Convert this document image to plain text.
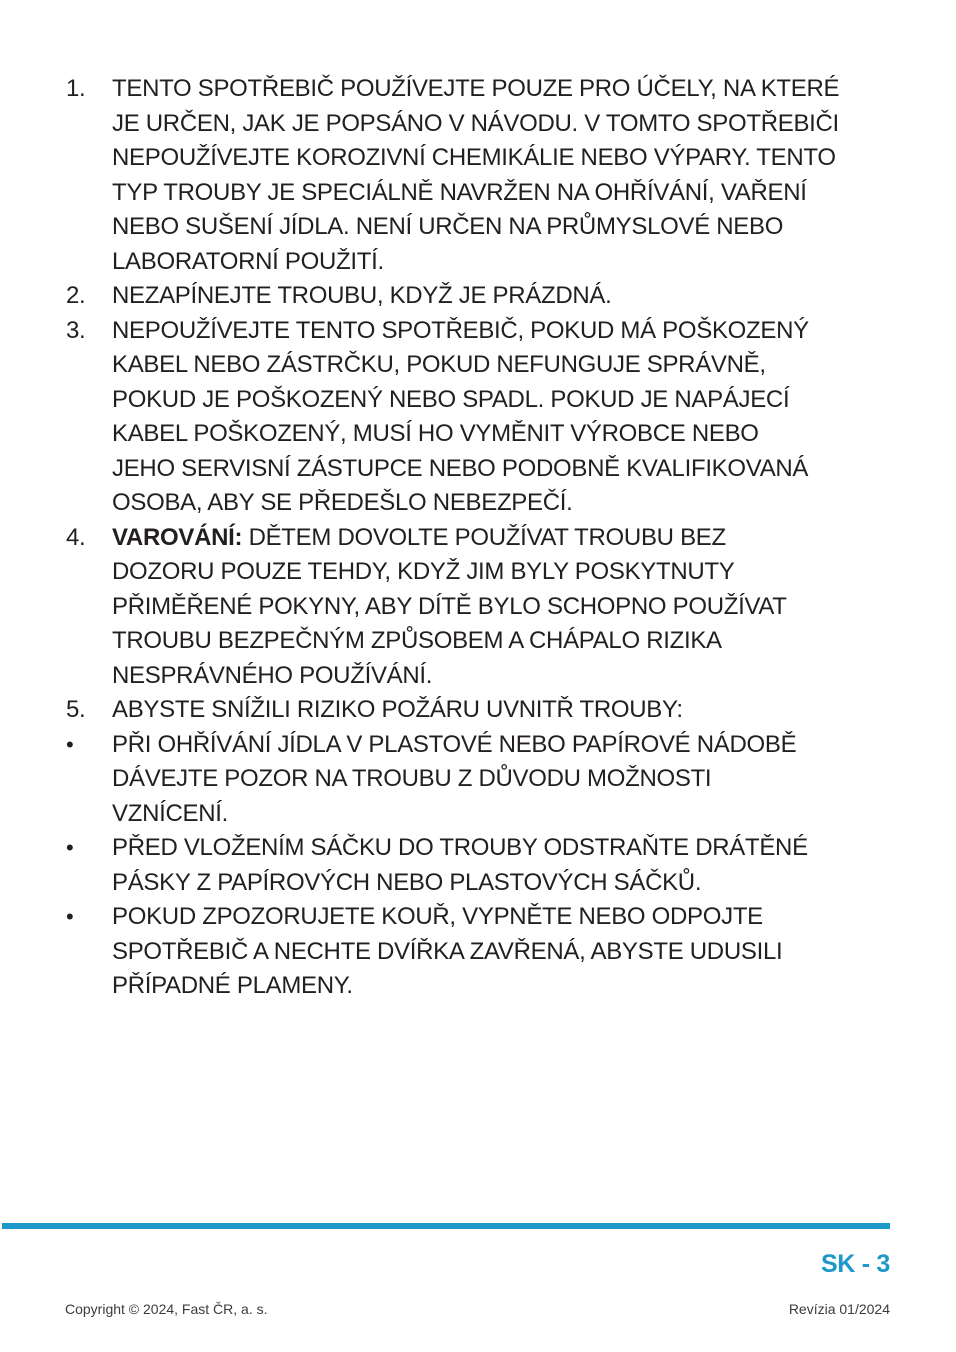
1.	TENTO SPOTŘEBIČ POUŽÍVEJTE POUZE PRO ÚČELY, NA KTERÉ
JE URČEN, JAK JE POPSÁNO V NÁVODU. V TOMTO SPOTŘEBIČI
NEPOUŽÍVEJTE KOROZIVNÍ CHEMIKÁLIE NEBO VÝPARY. TENTO
TYP TROUBY JE SPECIÁLNĚ NAVRŽEN NA OHŘÍVÁNÍ, VAŘENÍ
NEBO SUŠENÍ JÍDLA. NENÍ URČEN NA PRŮMYSLOVÉ NEBO
LABORATORNÍ POUŽITÍ.
2.	NEZAPÍNEJTE TROUBU, KDYŽ JE PRÁZDNÁ.
3.	NEPOUŽÍVEJTE TENTO SPOTŘEBIČ, POKUD MÁ POŠKOZENÝ
KABEL NEBO ZÁSTRČKU, POKUD NEFUNGUJE SPRÁVNĚ,
POKUD JE POŠKOZENÝ NEBO SPADL. POKUD JE NAPÁJECÍ
KABEL POŠKOZENÝ, MUSÍ HO VYMĚNIT VÝROBCE NEBO
JEHO SERVISNÍ ZÁSTUPCE NEBO PODOBNĚ KVALIFIKOVANÁ
OSOBA, ABY SE PŘEDEŠLO NEBEZPEČÍ.
4.	VAROVÁNÍ: DĚTEM DOVOLTE POUŽÍVAT TROUBU BEZ
DOZORU POUZE TEHDY, KDYŽ JIM BYLY POSKYTNUTY
PŘIMĚŘENÉ POKYNY, ABY DÍTĚ BYLO SCHOPNO POUŽÍVAT
TROUBU BEZPEČNÝM ZPŮSOBEM A CHÁPALO RIZIKA
NESPRÁVNÉHO POUŽÍVÁNÍ.
5.	ABYSTE SNÍŽILI RIZIKO POŽÁRU UVNITŘ TROUBY:
•	PŘI OHŘÍVÁNÍ JÍDLA V PLASTOVÉ NEBO PAPÍROVÉ NÁDOBĚ
DÁVEJTE POZOR NA TROUBU Z DŮVODU MOŽNOSTI
VZNÍCENÍ.
•	PŘED VLOŽENÍM SÁČKU DO TROUBY ODSTRAŇTE DRÁTĚNÉ
PÁSKY Z PAPÍROVÝCH NEBO PLASTOVÝCH SÁČKŮ.
•	POKUD ZPOZORUJETE KOUŘ, VYPNĚTE NEBO ODPOJTE
SPOTŘEBIČ A NECHTE DVÍŘKA ZAVŘENÁ, ABYSTE UDUSILI
PŘÍPADNÉ PLAMENY.
SK - 3
Copyright © 2024, Fast ČR, a. s.	Revízia 01/2024
